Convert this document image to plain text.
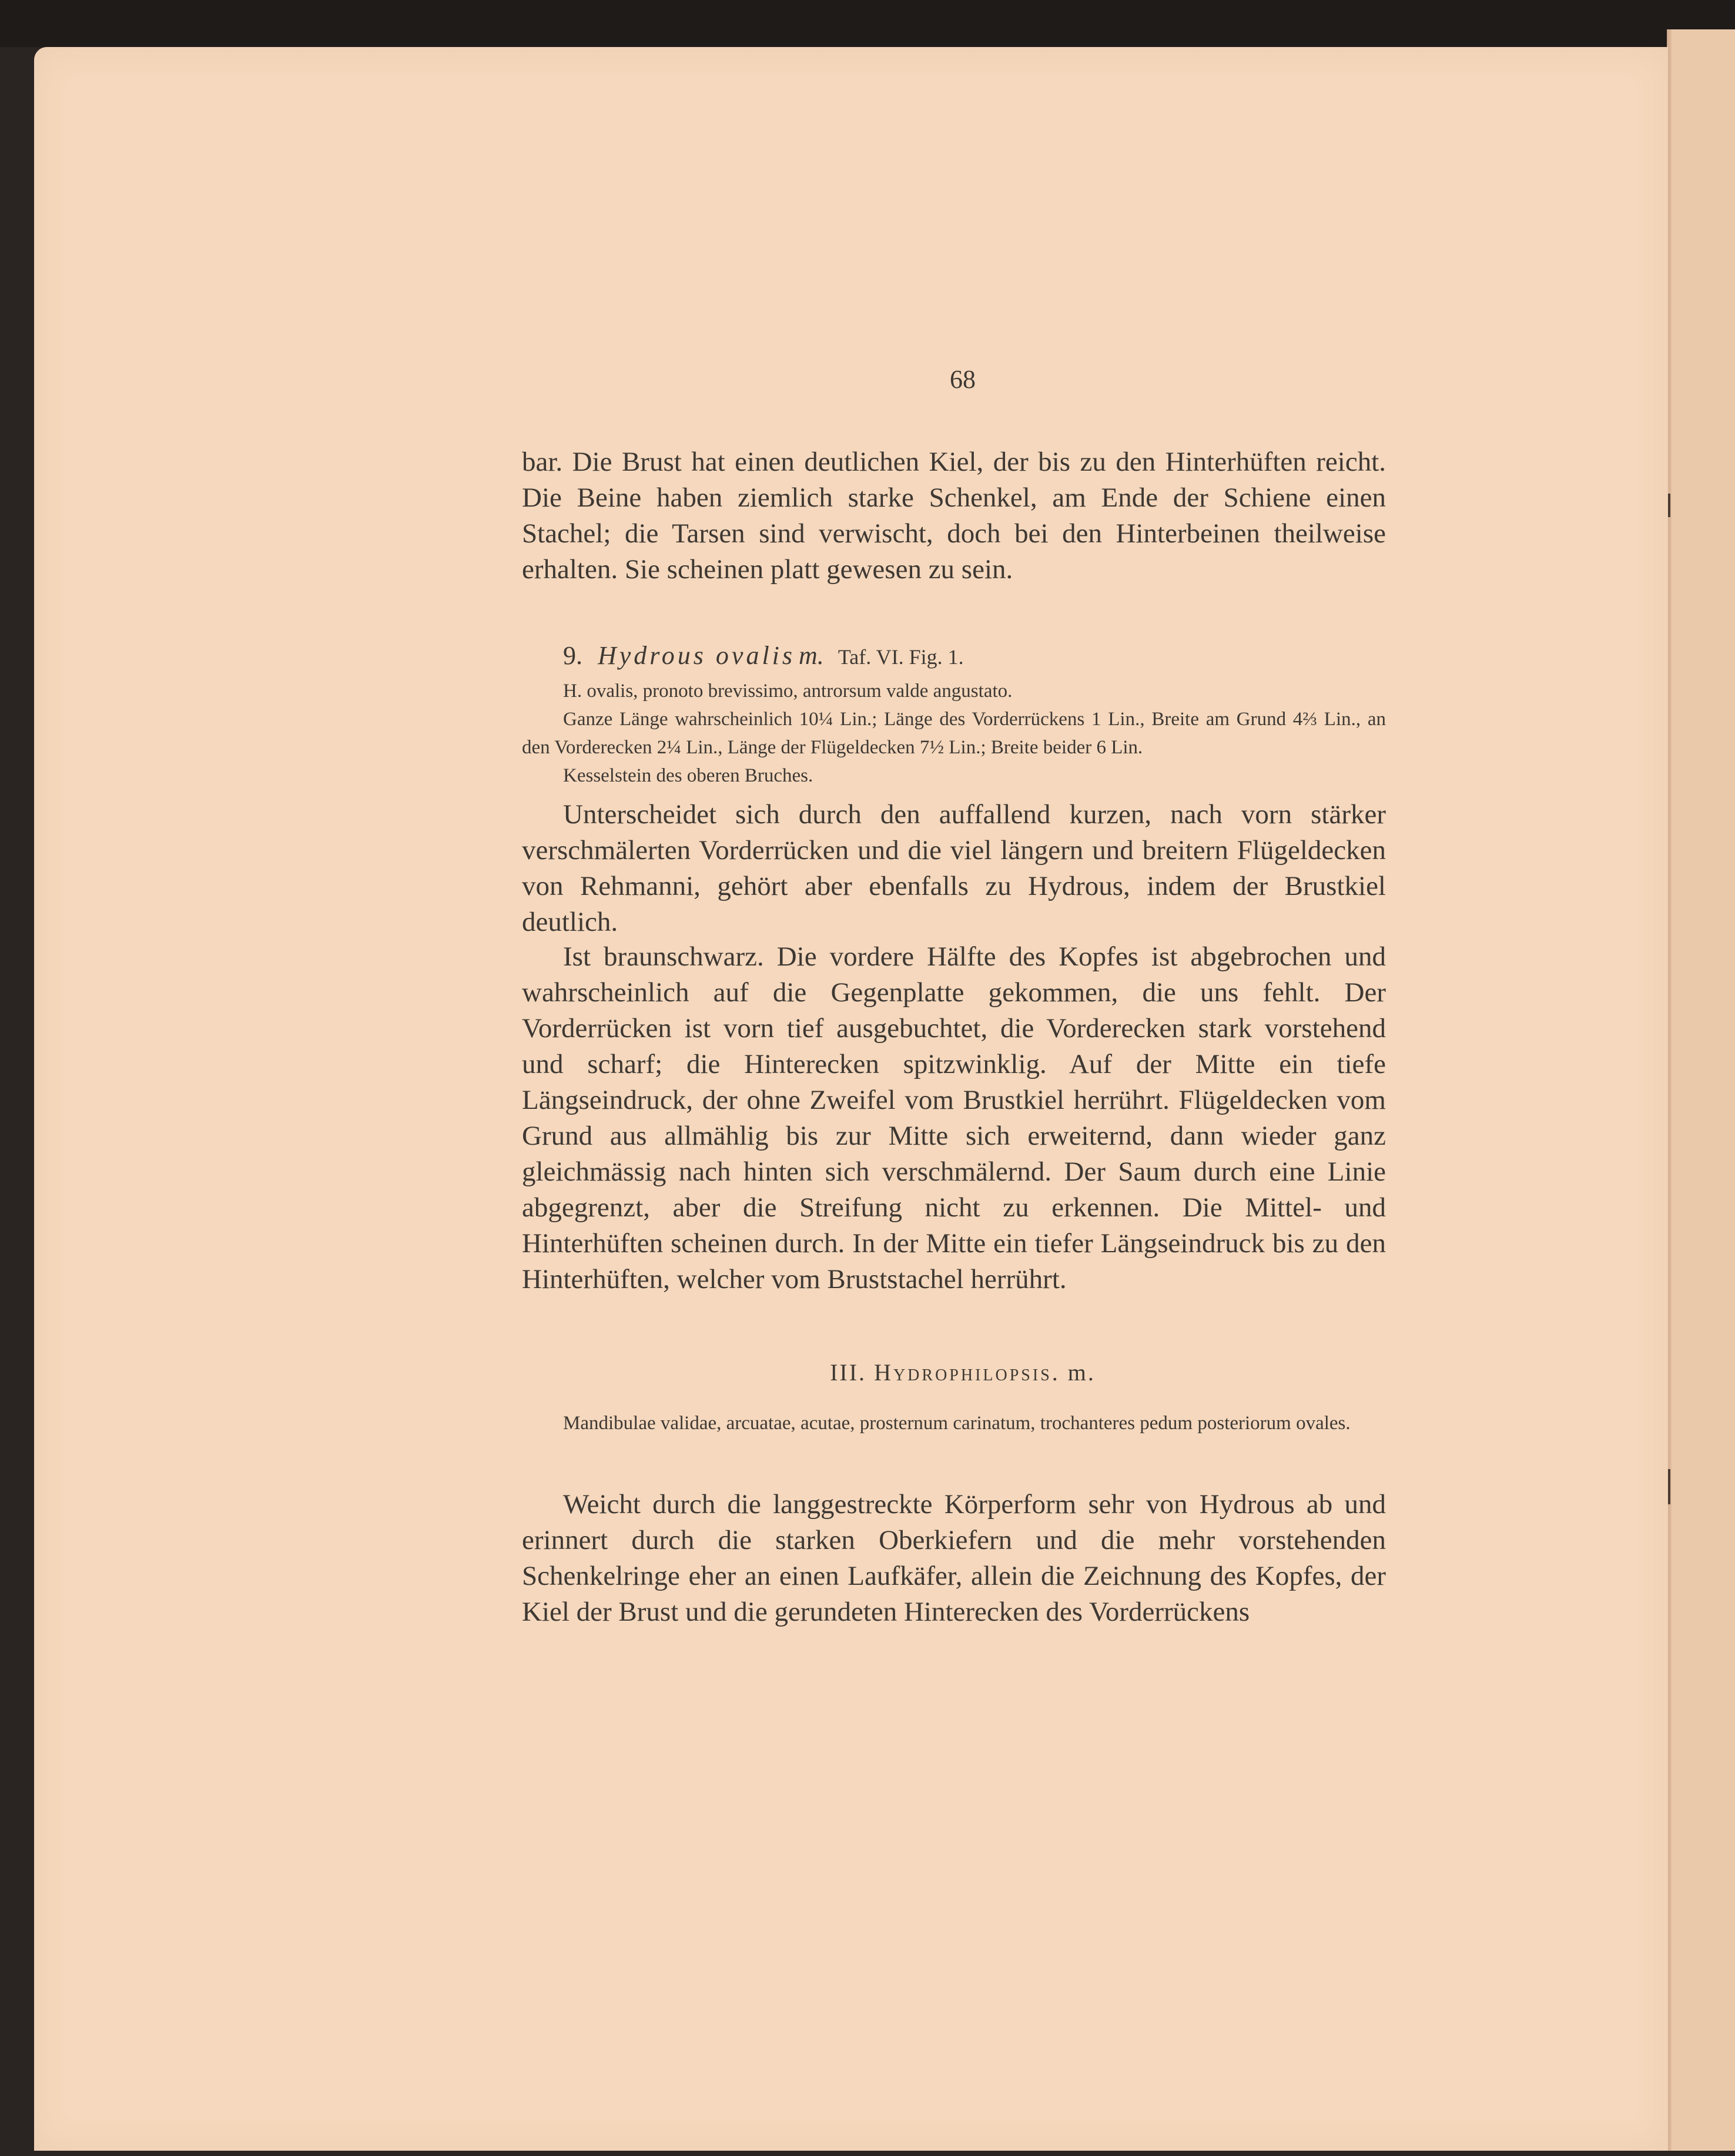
68

bar. Die Brust hat einen deutlichen Kiel, der bis zu den Hinterhüften reicht. Die Beine haben ziemlich starke Schenkel, am Ende der Schiene einen Stachel; die Tarsen sind verwischt, doch bei den Hinterbeinen theilweise erhalten. Sie scheinen platt gewesen zu sein.

9. Hydrous ovalis m. Taf. VI. Fig. 1.

H. ovalis, pronoto brevissimo, antrorsum valde angustato.

Ganze Länge wahrscheinlich 10¼ Lin.; Länge des Vorderrückens 1 Lin., Breite am Grund 4⅔ Lin., an den Vorderecken 2¼ Lin., Länge der Flügeldecken 7½ Lin.; Breite beider 6 Lin.

Kesselstein des oberen Bruches.

Unterscheidet sich durch den auffallend kurzen, nach vorn stärker verschmälerten Vorderrücken und die viel längern und breitern Flügeldecken von Rehmanni, gehört aber ebenfalls zu Hydrous, indem der Brustkiel deutlich.

Ist braunschwarz. Die vordere Hälfte des Kopfes ist abgebrochen und wahrscheinlich auf die Gegenplatte gekommen, die uns fehlt. Der Vorderrücken ist vorn tief ausgebuchtet, die Vorderecken stark vorstehend und scharf; die Hinterecken spitzwinklig. Auf der Mitte ein tiefe Längseindruck, der ohne Zweifel vom Brustkiel herrührt. Flügeldecken vom Grund aus allmählig bis zur Mitte sich erweiternd, dann wieder ganz gleichmässig nach hinten sich verschmälernd. Der Saum durch eine Linie abgegrenzt, aber die Streifung nicht zu erkennen. Die Mittel- und Hinterhüften scheinen durch. In der Mitte ein tiefer Längseindruck bis zu den Hinterhüften, welcher vom Bruststachel herrührt.

III. Hydrophilopsis. m.

Mandibulae validae, arcuatae, acutae, prosternum carinatum, trochanteres pedum posteriorum ovales.

Weicht durch die langgestreckte Körperform sehr von Hydrous ab und erinnert durch die starken Oberkiefern und die mehr vorstehenden Schenkelringe eher an einen Laufkäfer, allein die Zeichnung des Kopfes, der Kiel der Brust und die gerundeten Hinterecken des Vorderrückens
